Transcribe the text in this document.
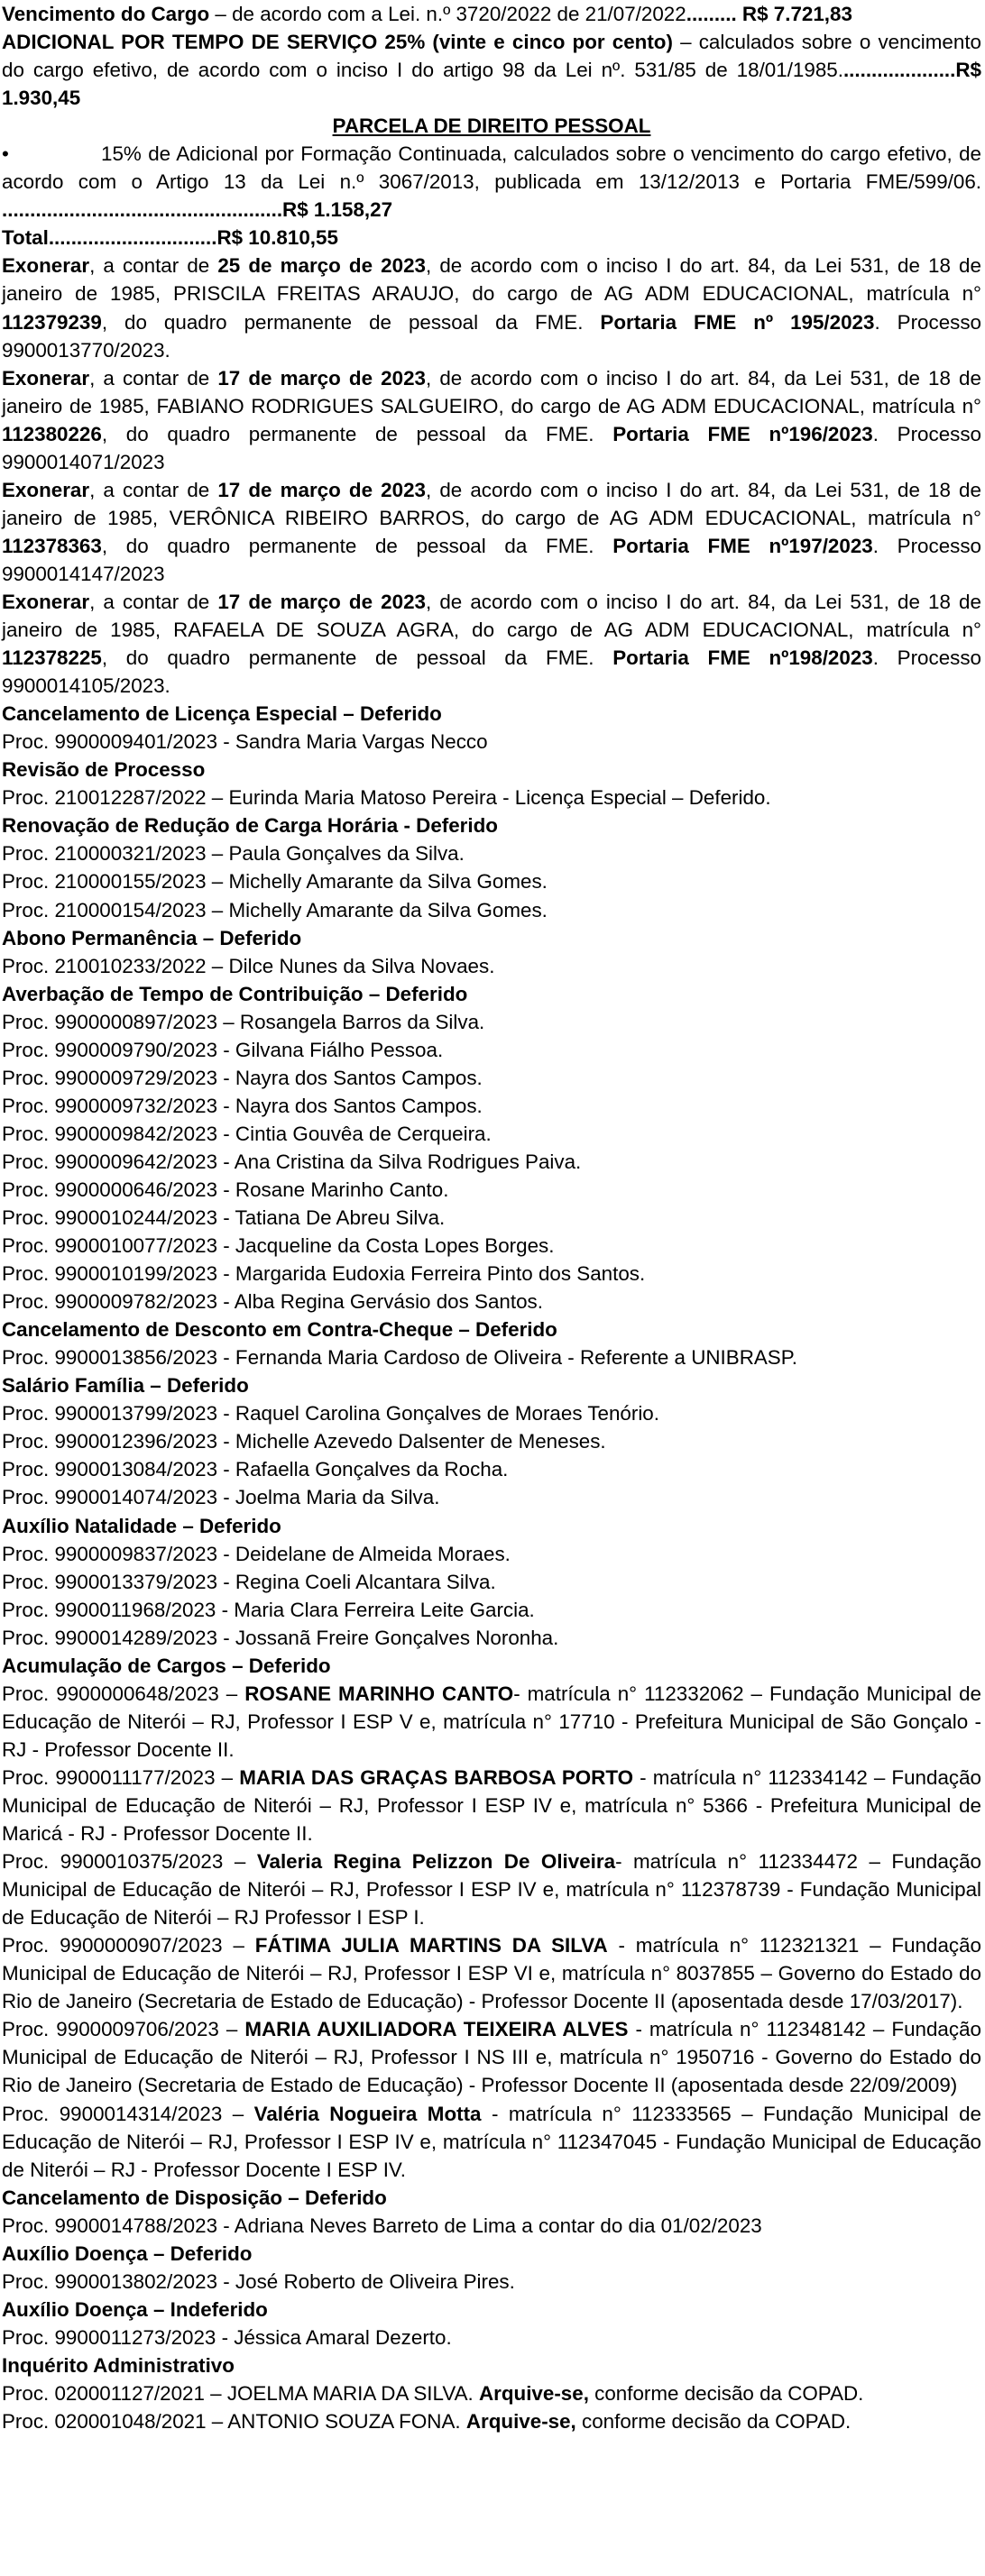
Vencimento do Cargo – de acordo com a Lei. n.º 3720/2022 de 21/07/2022......... R$ 7.721,83

ADICIONAL POR TEMPO DE SERVIÇO 25% (vinte e cinco por cento) – calculados sobre o vencimento do cargo efetivo, de acordo com o inciso I do artigo 98 da Lei nº. 531/85 de 18/01/1985.....................R$ 1.930,45

PARCELA DE DIREITO PESSOAL

•	15% de Adicional por Formação Continuada, calculados sobre o vencimento do cargo efetivo, de acordo com o Artigo 13 da Lei n.º 3067/2013, publicada em 13/12/2013 e Portaria FME/599/06. ..................................................R$ 1.158,27

Total..............................R$ 10.810,55

Exonerar, a contar de 25 de março de 2023, de acordo com o inciso I do art. 84, da Lei 531, de 18 de janeiro de 1985, PRISCILA FREITAS ARAUJO, do cargo de AG ADM EDUCACIONAL, matrícula n° 112379239, do quadro permanente de pessoal da FME. Portaria FME nº 195/2023. Processo 9900013770/2023.

Exonerar, a contar de 17 de março de 2023, de acordo com o inciso I do art. 84, da Lei 531, de 18 de janeiro de 1985, FABIANO RODRIGUES SALGUEIRO, do cargo de AG ADM EDUCACIONAL, matrícula n° 112380226, do quadro permanente de pessoal da FME. Portaria FME nº196/2023. Processo 9900014071/2023

Exonerar, a contar de 17 de março de 2023, de acordo com o inciso I do art. 84, da Lei 531, de 18 de janeiro de 1985, VERÔNICA RIBEIRO BARROS, do cargo de AG ADM EDUCACIONAL, matrícula n° 112378363, do quadro permanente de pessoal da FME. Portaria FME nº197/2023. Processo 9900014147/2023

Exonerar, a contar de 17 de março de 2023, de acordo com o inciso I do art. 84, da Lei 531, de 18 de janeiro de 1985, RAFAELA DE SOUZA AGRA, do cargo de AG ADM EDUCACIONAL, matrícula n° 112378225, do quadro permanente de pessoal da FME. Portaria FME nº198/2023. Processo 9900014105/2023.

Cancelamento de Licença Especial – Deferido

Proc. 9900009401/2023 - Sandra Maria Vargas Necco

Revisão de Processo

Proc. 210012287/2022 – Eurinda Maria Matoso Pereira - Licença Especial – Deferido.

Renovação de Redução de Carga Horária - Deferido

Proc. 210000321/2023 – Paula Gonçalves da Silva.

Proc. 210000155/2023 – Michelly Amarante da Silva Gomes.

Proc. 210000154/2023 – Michelly Amarante da Silva Gomes.

Abono Permanência – Deferido

Proc. 210010233/2022 – Dilce Nunes da Silva Novaes.

Averbação de Tempo de Contribuição – Deferido

Proc. 9900000897/2023 – Rosangela Barros da Silva.

Proc. 9900009790/2023 - Gilvana Fiálho Pessoa.

Proc. 9900009729/2023 - Nayra dos Santos Campos.

Proc. 9900009732/2023 - Nayra dos Santos Campos.

Proc. 9900009842/2023 - Cintia Gouvêa de Cerqueira.

Proc. 9900009642/2023 - Ana Cristina da Silva Rodrigues Paiva.

Proc. 9900000646/2023 - Rosane Marinho Canto.

Proc. 9900010244/2023 - Tatiana De Abreu Silva.

Proc. 9900010077/2023 - Jacqueline da Costa Lopes Borges.

Proc. 9900010199/2023 - Margarida Eudoxia Ferreira Pinto dos Santos.

Proc. 9900009782/2023 - Alba Regina Gervásio dos Santos.

Cancelamento de Desconto em Contra-Cheque – Deferido

Proc. 9900013856/2023 - Fernanda Maria Cardoso de Oliveira - Referente a UNIBRASP.

Salário Família – Deferido

Proc. 9900013799/2023 - Raquel Carolina Gonçalves de Moraes Tenório.

Proc. 9900012396/2023 - Michelle Azevedo Dalsenter de Meneses.

Proc. 9900013084/2023 - Rafaella Gonçalves da Rocha.

Proc. 9900014074/2023 - Joelma Maria da Silva.

Auxílio Natalidade – Deferido

Proc. 9900009837/2023 - Deidelane de Almeida Moraes.

Proc. 9900013379/2023 - Regina Coeli Alcantara Silva.

Proc. 9900011968/2023 - Maria Clara Ferreira Leite Garcia.

Proc. 9900014289/2023 - Jossanã Freire Gonçalves Noronha.

Acumulação de Cargos – Deferido

Proc. 9900000648/2023 – ROSANE MARINHO CANTO- matrícula n° 112332062 – Fundação Municipal de Educação de Niterói – RJ, Professor I ESP V e, matrícula n° 17710 - Prefeitura Municipal de São Gonçalo - RJ - Professor Docente II.

Proc. 9900011177/2023 – MARIA DAS GRAÇAS BARBOSA PORTO - matrícula n° 112334142 – Fundação Municipal de Educação de Niterói – RJ, Professor I ESP IV e, matrícula n° 5366 - Prefeitura Municipal de Maricá - RJ - Professor Docente II.

Proc. 9900010375/2023 – Valeria Regina Pelizzon De Oliveira- matrícula n° 112334472 – Fundação Municipal de Educação de Niterói – RJ, Professor I ESP IV e, matrícula n° 112378739 - Fundação Municipal de Educação de Niterói – RJ Professor I ESP I.

Proc. 9900000907/2023 – FÁTIMA JULIA MARTINS DA SILVA - matrícula n° 112321321 – Fundação Municipal de Educação de Niterói – RJ, Professor I ESP VI e, matrícula n° 8037855 – Governo do Estado do Rio de Janeiro (Secretaria de Estado de Educação) - Professor Docente II (aposentada desde 17/03/2017).

Proc. 9900009706/2023 – MARIA AUXILIADORA TEIXEIRA ALVES - matrícula n° 112348142 – Fundação Municipal de Educação de Niterói – RJ, Professor I NS III e, matrícula n° 1950716 - Governo do Estado do Rio de Janeiro (Secretaria de Estado de Educação) - Professor Docente II (aposentada desde 22/09/2009)

Proc. 9900014314/2023 – Valéria Nogueira Motta - matrícula n° 112333565 – Fundação Municipal de Educação de Niterói – RJ, Professor I ESP IV e, matrícula n° 112347045 - Fundação Municipal de Educação de Niterói – RJ - Professor Docente I ESP IV.

Cancelamento de Disposição – Deferido

Proc. 9900014788/2023 - Adriana Neves Barreto de Lima a contar do dia 01/02/2023

Auxílio Doença – Deferido

Proc. 9900013802/2023 - José Roberto de Oliveira Pires.

Auxílio Doença – Indeferido

Proc. 9900011273/2023 - Jéssica Amaral Dezerto.

Inquérito Administrativo

Proc. 020001127/2021 – JOELMA MARIA DA SILVA. Arquive-se, conforme decisão da COPAD.

Proc. 020001048/2021 – ANTONIO SOUZA FONA. Arquive-se, conforme decisão da COPAD.
